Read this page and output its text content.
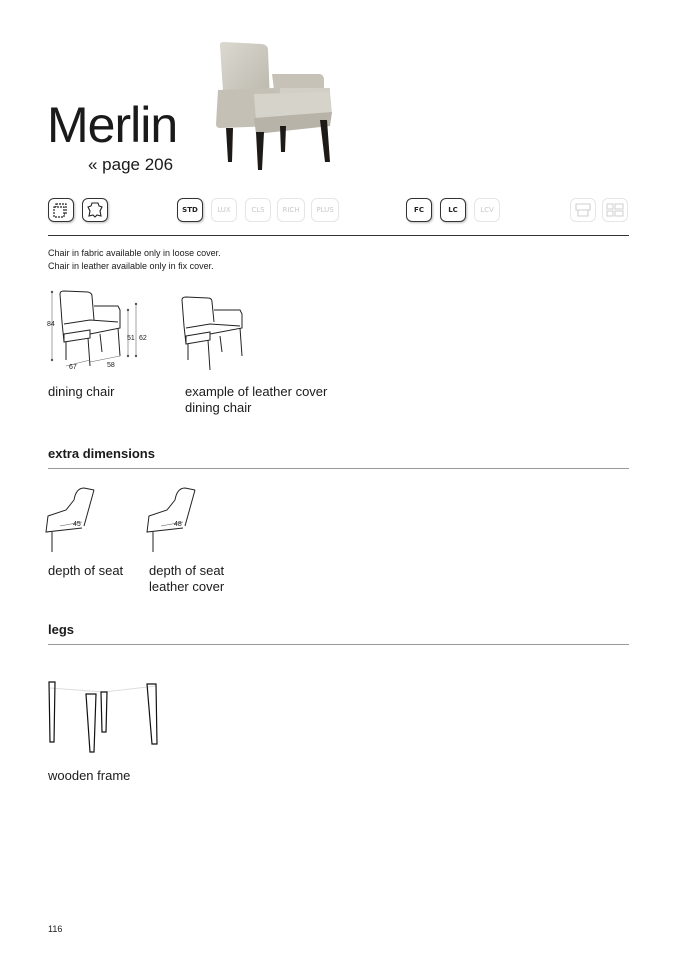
Merlin
« page 206
STD	LUX	CLS	RICH	PLUS	FC	LC	LCV
Chair in fabric available only in loose cover.
Chair in leather available only in fix cover.
84
51 62
67	58
dining chair	example of leather cover
dining chair
extra dimensions
45	48
depth of seat depth of seat
leather cover
legs
wooden frame
116
